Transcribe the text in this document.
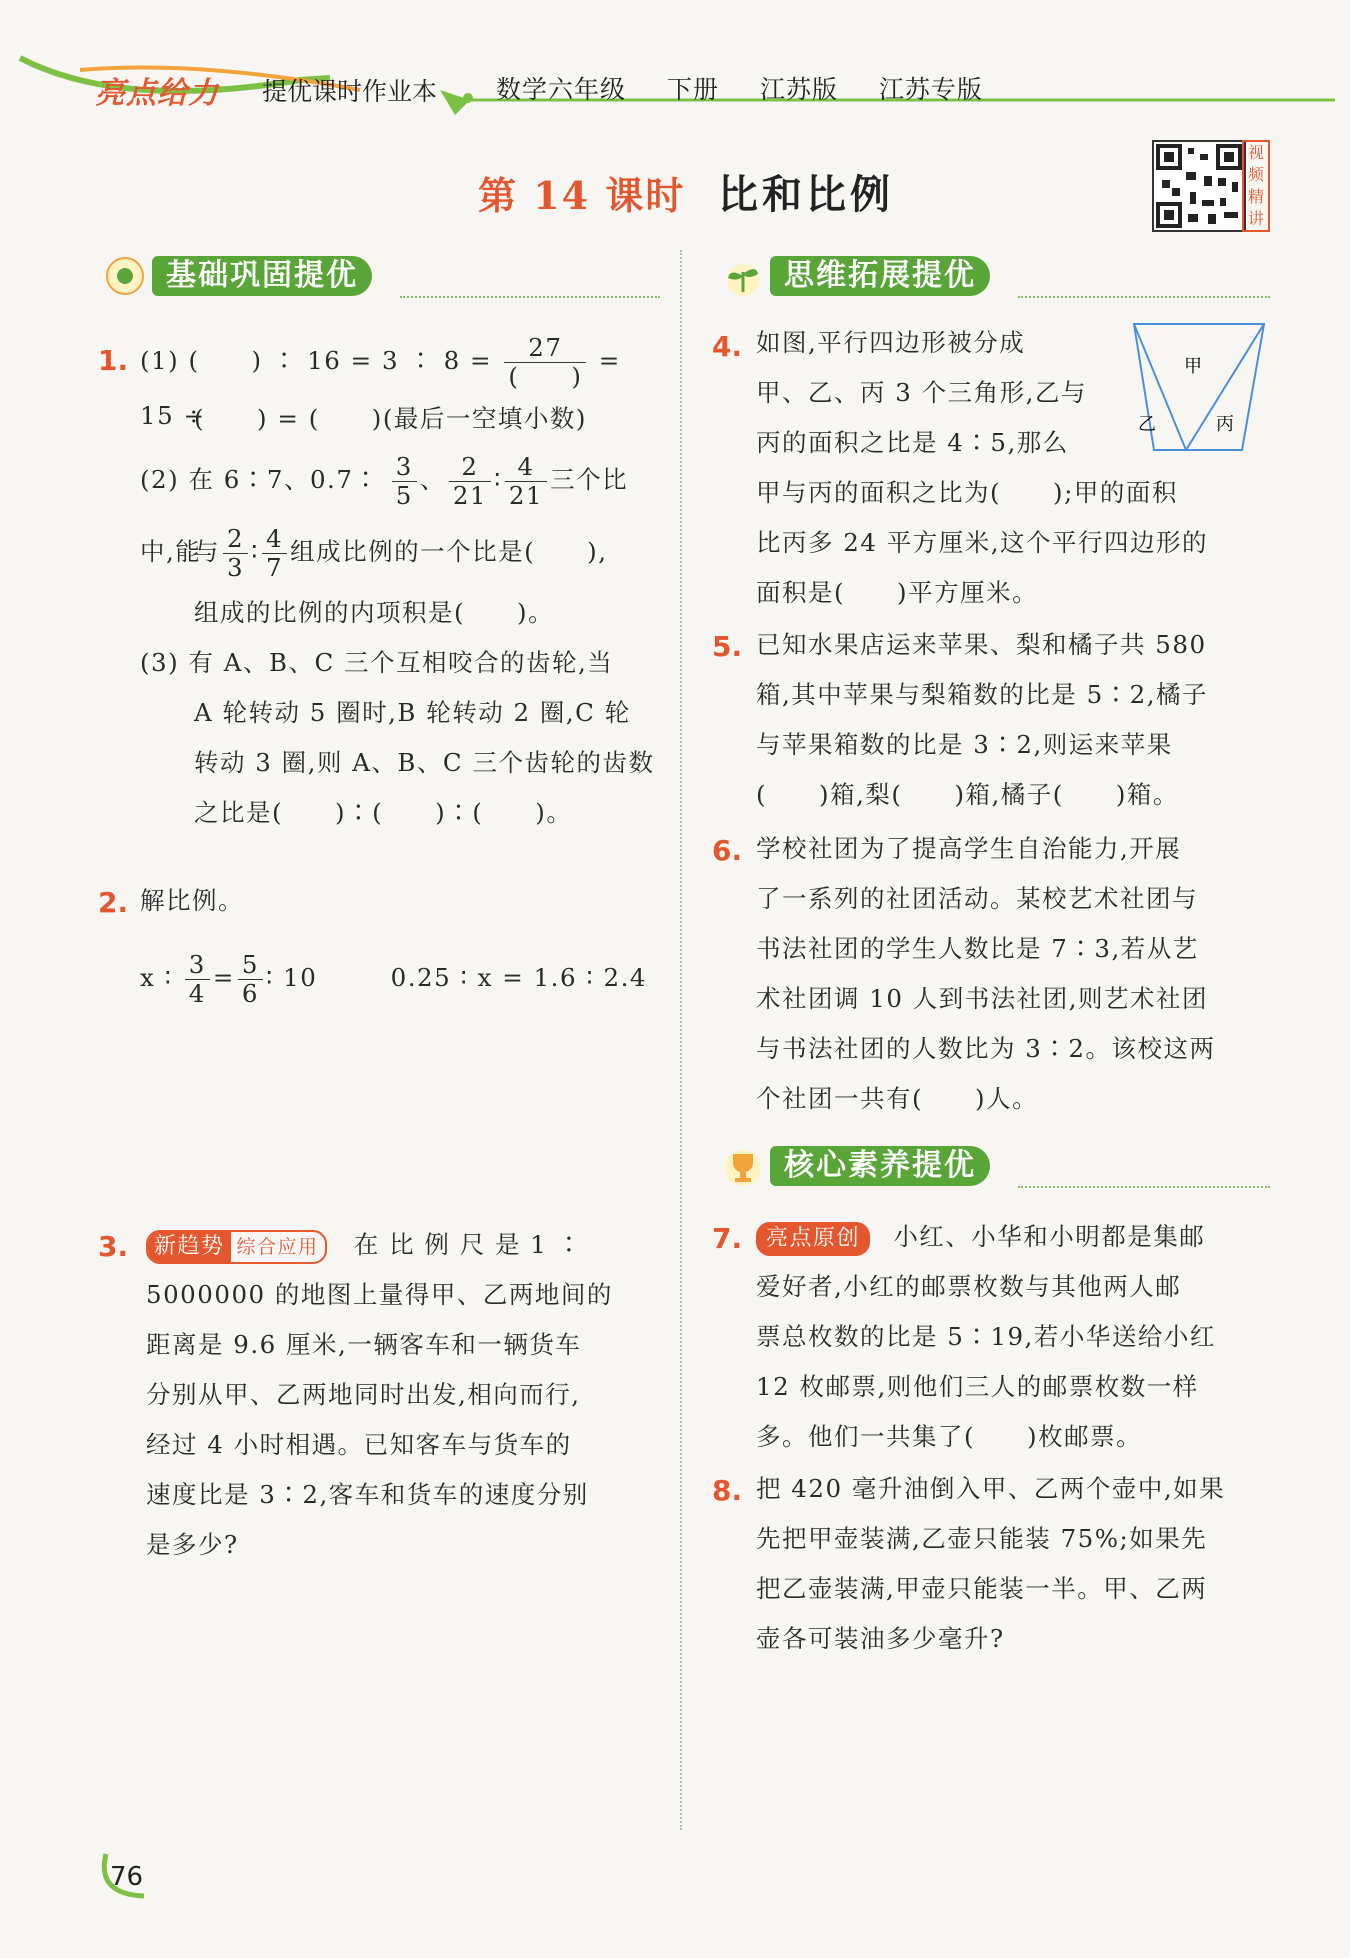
亮点给力 提优课时作业本 数学六年级 下册 江苏版 江苏专版
第 14 课时 比和比例
视频精讲
基础巩固提优	思维拓展提优
核心素养提优
1. (1) (　　) ∶ 16 = 3 ∶ $8 = \frac{27}{( )} = 15$ ÷
(　　) = (　　)(最后一空填小数)
(2) 在 6∶7、0.7∶ $\frac{3}{5}$ 、 $\frac{2}{21}$ ∶ $\frac{4}{21}$ 三个比中,能
与 $\frac{2}{3}$ ∶ $\frac{4}{7}$ 组成比例的一个比是(　　),
组成的比例的内项积是(　　)。
(3) 有 A、B、C 三个互相咬合的齿轮,当
A 轮转动 5 圈时,B 轮转动 2 圈,C 轮
转动 3 圈,则 A、B、C 三个齿轮的齿数
之比是(　　)∶(　　)∶(　　)。
2. 解比例。
x ∶ $\frac{3}{4} = \frac{5}{6}$ ∶ 10	0.25 ∶ x = 1.6 ∶ 2.4
3.	新趋势 综合应用 在 比 例 尺 是 1 ∶
5000000 的地图上量得甲、乙两地间的
距离是 9.6 厘米,一辆客车和一辆货车
分别从甲、乙两地同时出发,相向而行,
经过 4 小时相遇。已知客车与货车的
速度比是 3∶2,客车和货车的速度分别
是多少?
4. 如图,平行四边形被分成
甲、乙、丙 3 个三角形,乙与
丙的面积之比是 4∶5,那么
甲与丙的面积之比为(　　);甲的面积
比丙多 24 平方厘米,这个平行四边形的
面积是(　　)平方厘米。
甲
乙	丙
5. 已知水果店运来苹果、梨和橘子共 580
箱,其中苹果与梨箱数的比是 5∶2,橘子
与苹果箱数的比是 3∶2,则运来苹果
(　　)箱,梨(　　)箱,橘子(　　)箱。
6. 学校社团为了提高学生自治能力,开展
了一系列的社团活动。某校艺术社团与
书法社团的学生人数比是 7∶3,若从艺
术社团调 10 人到书法社团,则艺术社团
与书法社团的人数比为 3∶2。该校这两
个社团一共有(　　)人。
7.	亮点原创 小红、小华和小明都是集邮
爱好者,小红的邮票枚数与其他两人邮
票总枚数的比是 5∶19,若小华送给小红
12 枚邮票,则他们三人的邮票枚数一样
多。他们一共集了(　　)枚邮票。
8. 把 420 毫升油倒入甲、乙两个壶中,如果
先把甲壶装满,乙壶只能装 75%;如果先
把乙壶装满,甲壶只能装一半。甲、乙两
壶各可装油多少毫升?
76
